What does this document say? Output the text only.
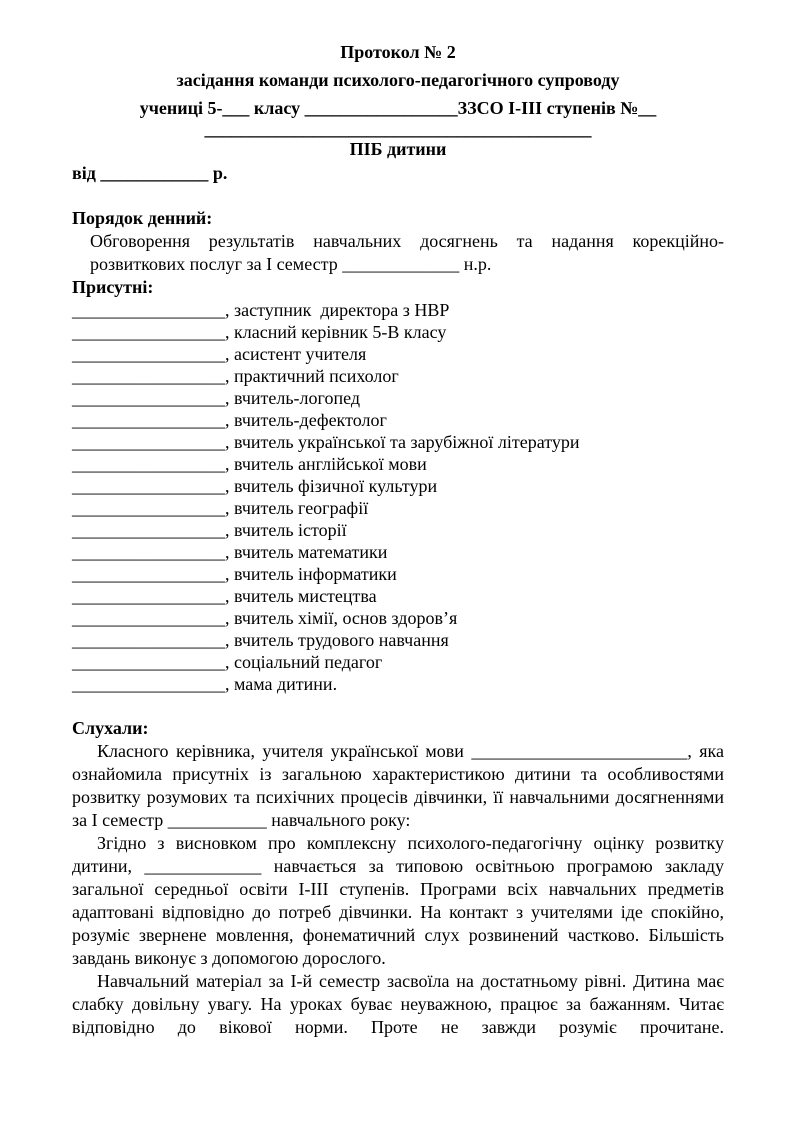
Протокол № 2
засідання команди психолого-педагогічного супроводу
учениці 5-___ класу _________________ЗЗСО І-ІІІ ступенів №__
___________________________________________
ПІБ дитини
від ____________ р.
Порядок денний:

Обговорення результатів навчальних досягнень та надання корекційно-розвиткових послуг за І семестр _____________ н.р.

Присутні:
_________________, заступник  директора з НВР
_________________, класний керівник 5-В класу
_________________, асистент учителя
_________________, практичний психолог
_________________, вчитель-логопед
_________________, вчитель-дефектолог
_________________, вчитель української та зарубіжної літератури
_________________, вчитель англійської мови
_________________, вчитель фізичної культури
_________________, вчитель географії
_________________, вчитель історії
_________________, вчитель математики
_________________, вчитель інформатики
_________________, вчитель мистецтва
_________________, вчитель хімії, основ здоров’я
_________________, вчитель трудового навчання
_________________, соціальний педагог
_________________, мама дитини.
Слухали:

Класного керівника, учителя української мови ________________________, яка ознайомила присутніх із загальною характеристикою дитини та особливостями розвитку розумових та психічних процесів дівчинки, її навчальними досягненнями за І семестр ___________ навчального року:

Згідно з висновком про комплексну психолого-педагогічну оцінку розвитку дитини, _____________ навчається за типовою освітньою програмою закладу загальної середньої освіти І-ІІІ ступенів. Програми всіх навчальних предметів адаптовані відповідно до потреб дівчинки. На контакт з учителями іде спокійно, розуміє звернене мовлення, фонематичний слух розвинений частково. Більшість завдань виконує з допомогою дорослого.

Навчальний матеріал за І-й семестр засвоїла на достатньому рівні. Дитина має слабку довільну увагу. На уроках буває неуважною, працює за бажанням. Читає відповідно до вікової норми. Проте не завжди розуміє прочитане.
